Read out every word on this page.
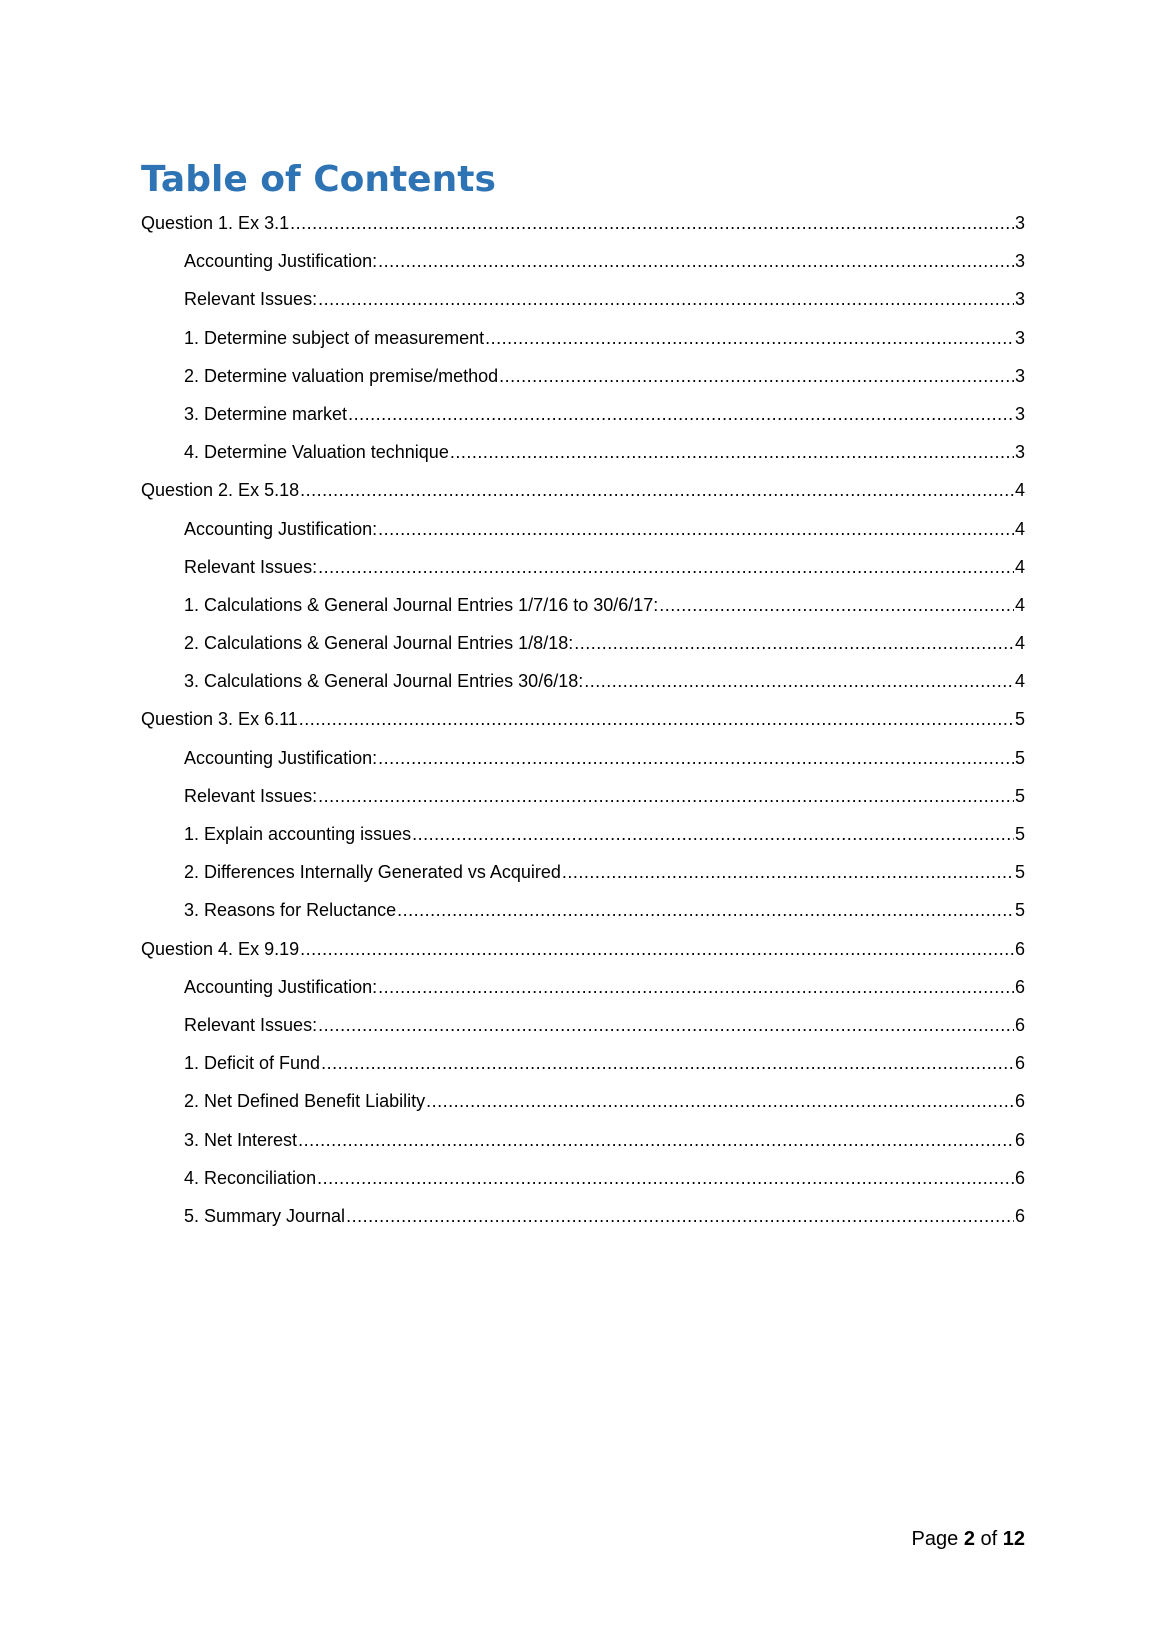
Table of Contents
Question 1. Ex 3.1 .....	3
Accounting Justification: .....	3
Relevant Issues: .....	3
1. Determine subject of measurement .....	3
2. Determine valuation premise/method .....	3
3. Determine market .....	3
4. Determine Valuation technique .....	3
Question 2. Ex 5.18 .....	4
Accounting Justification: .....	4
Relevant Issues: .....	4
1. Calculations & General Journal Entries 1/7/16 to 30/6/17: .....	4
2. Calculations & General Journal Entries 1/8/18: .....	4
3. Calculations & General Journal Entries 30/6/18: .....	4
Question 3. Ex 6.11 .....	5
Accounting Justification: .....	5
Relevant Issues: .....	5
1. Explain accounting issues .....	5
2. Differences Internally Generated vs Acquired .....	5
3. Reasons for Reluctance .....	5
Question 4. Ex 9.19 .....	6
Accounting Justification: .....	6
Relevant Issues: .....	6
1. Deficit of Fund .....	6
2. Net Defined Benefit Liability .....	6
3. Net Interest .....	6
4. Reconciliation .....	6
5. Summary Journal .....	6
Page 2 of 12
